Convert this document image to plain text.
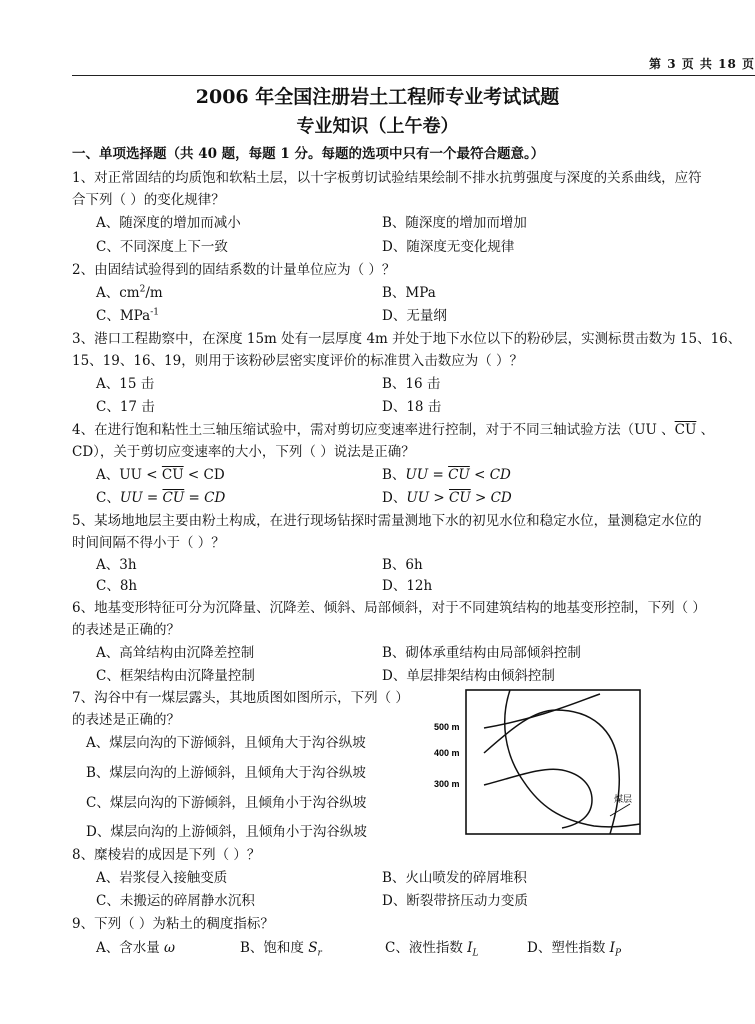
第 3 页 共 18 页
2006 年全国注册岩土工程师专业考试试题
专业知识（上午卷）
一、单项选择题（共 40 题，每题 1 分。每题的选项中只有一个最符合题意。）
1、对正常固结的均质饱和软粘土层，以十字板剪切试验结果绘制不排水抗剪强度与深度的关系曲线，应符
合下列（ ）的变化规律？
A、随深度的增加而减小	B、随深度的增加而增加
C、不同深度上下一致	D、随深度无变化规律
2、由固结试验得到的固结系数的计量单位应为（ ）？
A、$cm^2/m$	B、MPa
C、MPa$^{-1}$	D、无量纲
3、港口工程勘察中，在深度 15m 处有一层厚度 4m 并处于地下水位以下的粉砂层，实测标贯击数为 15、16、
15、19、16、19，则用于该粉砂层密实度评价的标准贯入击数应为（ ）？
A、15 击	B、16 击
C、17 击	D、18 击
4、在进行饱和粘性土三轴压缩试验中，需对剪切应变速率进行控制，对于不同三轴试验方法（UU 、$\overline{CU}$ 、
CD），关于剪切应变速率的大小，下列（ ）说法是正确？
A、UU < $\overline{CU}$ < CD	B、UU = $\overline{CU}$ < CD
C、UU = $\overline{CU}$ = CD	D、UU > $\overline{CU}$ > CD
5、某场地地层主要由粉土构成，在进行现场钻探时需量测地下水的初见水位和稳定水位，量测稳定水位的
时间间隔不得小于（ ）？
A、3h	B、6h
C、8h	D、12h
6、地基变形特征可分为沉降量、沉降差、倾斜、局部倾斜，对于不同建筑结构的地基变形控制，下列（ ）
的表述是正确的？
A、高耸结构由沉降差控制	B、砌体承重结构由局部倾斜控制
C、框架结构由沉降量控制	D、单层排架结构由倾斜控制
7、沟谷中有一煤层露头，其地质图如图所示，下列（ ）
的表述是正确的？
A、煤层向沟的下游倾斜，且倾角大于沟谷纵坡
B、煤层向沟的上游倾斜，且倾角大于沟谷纵坡
C、煤层向沟的下游倾斜，且倾角小于沟谷纵坡
D、煤层向沟的上游倾斜，且倾角小于沟谷纵坡
500 m
400 m
300 m
煤层
8、糜棱岩的成因是下列（ ）？
A、岩浆侵入接触变质	B、火山喷发的碎屑堆积
C、未搬运的碎屑静水沉积	D、断裂带挤压动力变质
9、下列（ ）为粘土的稠度指标？
A、含水量 ω	B、饱和度 $S_r$	C、液性指数 $I_L$	D、塑性指数 $I_P$
